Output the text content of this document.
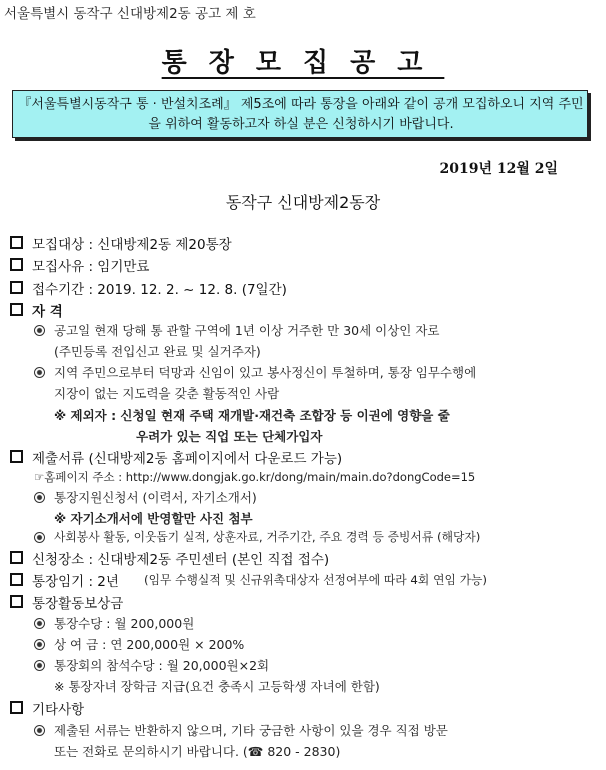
서울특별시 동작구 신대방제2동 공고 제 호
통장모집공고
『서울특별시동작구 통 · 반설치조례』 제5조에 따라 통장을 아래와 같이 공개 모집하오니 지역 주민을 위하여 활동하고자 하실 분은 신청하시기 바랍니다.
2019년 12월 2일
동작구 신대방제2동장
모집대상 : 신대방제2동 제20통장
모집사유 : 임기만료
접수기간 : 2019. 12. 2. ~ 12. 8. (7일간)
자 격
공고일 현재 당해 통 관할 구역에 1년 이상 거주한 만 30세 이상인 자로
(주민등록 전입신고 완료 및 실거주자)
지역 주민으로부터 덕망과 신임이 있고 봉사정신이 투철하며, 통장 임무수행에
지장이 없는 지도력을 갖춘 활동적인 사람
※ 제외자 : 신청일 현재 주택 재개발·재건축 조합장 등 이권에 영향을 줄
우려가 있는 직업 또는 단체가입자
제출서류 (신대방제2동 홈페이지에서 다운로드 가능)
☞홈페이지 주소 : http://www.dongjak.go.kr/dong/main/main.do?dongCode=15
통장지원신청서 (이력서, 자기소개서)
※ 자기소개서에 반영할만 사진 첨부
사회봉사 활동, 이웃돕기 실적, 상훈자료, 거주기간, 주요 경력 등 증빙서류 (해당자)
신청장소 : 신대방제2동 주민센터 (본인 직접 접수)
통장임기 : 2년 (임무 수행실적 및 신규위촉대상자 선정여부에 따라 4회 연임 가능)
통장활동보상금
통장수당 : 월 200,000원
상 여 금 : 연 200,000원 × 200%
통장회의 참석수당 : 월 20,000원×2회
※ 통장자녀 장학금 지급(요건 충족시 고등학생 자녀에 한함)
기타사항
제출된 서류는 반환하지 않으며, 기타 궁금한 사항이 있을 경우 직접 방문
또는 전화로 문의하시기 바랍니다. (☎ 820 - 2830)
